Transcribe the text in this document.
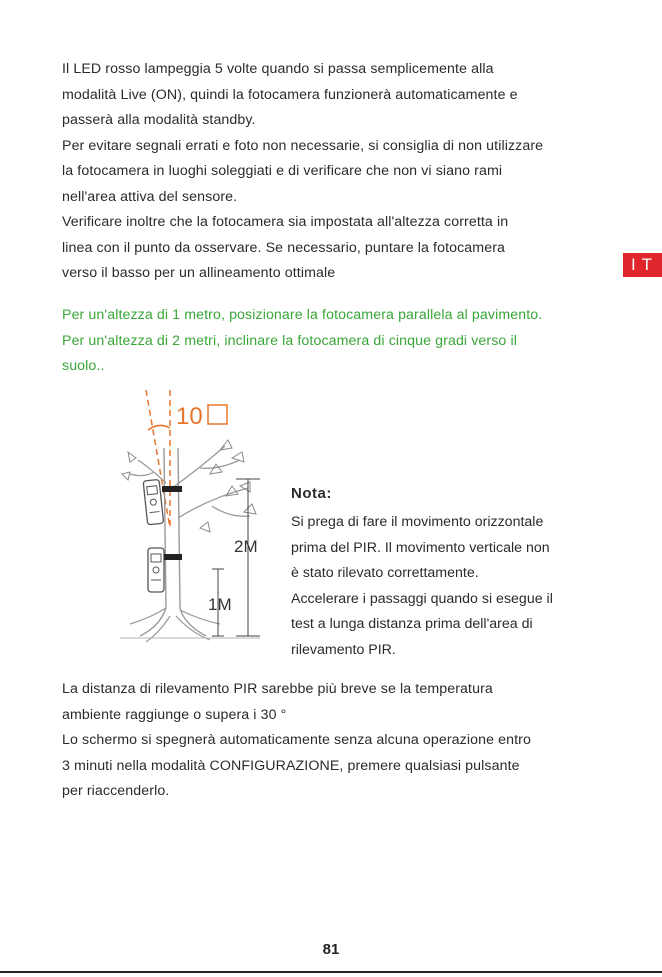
Il LED rosso lampeggia 5 volte quando si passa semplicemente alla
modalità Live (ON), quindi la fotocamera funzionerà automaticamente e
passerà alla modalità standby.
Per evitare segnali errati e foto non necessarie, si consiglia di non utilizzare
la fotocamera in luoghi soleggiati e di verificare che non vi siano rami
nell'area attiva del sensore.
Verificare inoltre che la fotocamera sia impostata all'altezza corretta in
linea con il punto da osservare. Se necessario, puntare la fotocamera
verso il basso per un allineamento ottimale	IT
Per un'altezza di 1 metro, posizionare la fotocamera parallela al pavimento.
Per un'altezza di 2 metri, inclinare la fotocamera di cinque gradi verso il
suolo..
10
2M
1M
Nota:
Si prega di fare il movimento orizzontale
prima del PIR. Il movimento verticale non
è stato rilevato correttamente.
Accelerare i passaggi quando si esegue il
test a lunga distanza prima dell'area di
rilevamento PIR.
La distanza di rilevamento PIR sarebbe più breve se la temperatura
ambiente raggiunge o supera i 30 °
Lo schermo si spegnerà automaticamente senza alcuna operazione entro
3 minuti nella modalità CONFIGURAZIONE, premere qualsiasi pulsante
per riaccenderlo.
81
